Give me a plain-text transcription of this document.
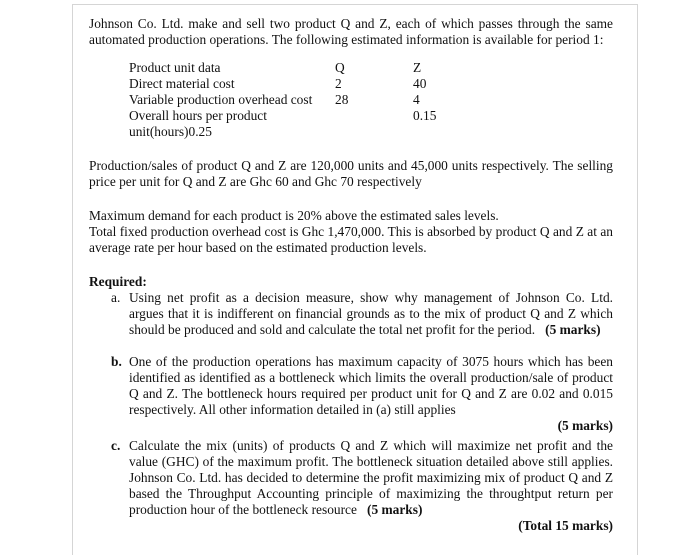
Johnson Co. Ltd. make and sell two product Q and Z, each of which passes through the same automated production operations. The following estimated information is available for period 1:

Product unit data	Q	Z
Direct material cost	2	40
Variable production overhead cost	28	4
Overall hours per product unit(hours)0.25		0.15

Production/sales of product Q and Z are 120,000 units and 45,000 units respectively. The selling price per unit for Q and Z are Ghc 60 and Ghc 70 respectively

Maximum demand for each product is 20% above the estimated sales levels.

Total fixed production overhead cost is Ghc 1,470,000. This is absorbed by product Q and Z at an average rate per hour based on the estimated production levels.

Required:

a. Using net profit as a decision measure, show why management of Johnson Co. Ltd. argues that it is indifferent on financial grounds as to the mix of product Q and Z which should be produced and sold and calculate the total net profit for the period. (5 marks)
b. One of the production operations has maximum capacity of 3075 hours which has been identified as identified as a bottleneck which limits the overall production/sale of product Q and Z. The bottleneck hours required per product unit for Q and Z are 0.02 and 0.015 respectively. All other information detailed in (a) still applies
(5 marks)
c. Calculate the mix (units) of products Q and Z which will maximize net profit and the value (GHC) of the maximum profit. The bottleneck situation detailed above still applies. Johnson Co. Ltd. has decided to determine the profit maximizing mix of product Q and Z based the Throughput Accounting principle of maximizing the throughtput return per production hour of the bottleneck resource (5 marks)
(Total 15 marks)
